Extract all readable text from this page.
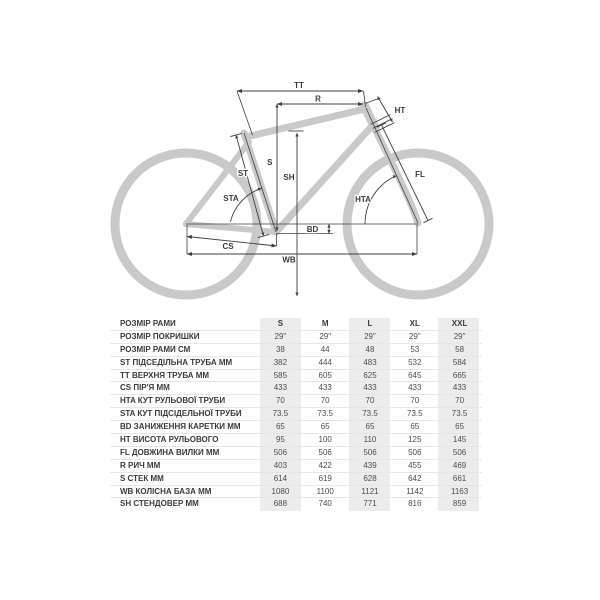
TT
R
HT
ST
S
SH
STA	HTA
FL
BD
CS
WB
РОЗМІР РАМИ	S	M	L	XL	XXL
РОЗМІР ПОКРИШКИ	29"	29"	29"	29"	29"
РОЗМІР РАМИ СМ	38	44	48	53	58
ST ПІДСЕДІЛЬНА ТРУБА ММ	382	444	483	532	584
TT ВЕРХНЯ ТРУБА ММ	585	605	625	645	665
CS ПІР'Я ММ	433	433	433	433	433
HTA КУТ РУЛЬОВОЇ ТРУБИ	70	70	70	70	70
STA КУТ ПІДСІДЕЛЬНОЇ ТРУБИ	73.5	73.5	73.5	73.5	73.5
BD ЗАНИЖЕННЯ КАРЕТКИ ММ	65	65	65	65	65
HT ВИСОТА РУЛЬОВОГО	95	100	110	125	145
FL ДОВЖИНА ВИЛКИ ММ	506	506	506	506	506
R РИЧ ММ	403	422	439	455	469
S СТЕК ММ	614	619	628	642	661
WB КОЛІСНА БАЗА ММ	1080	1100	1121	1142	1163
SH СТЕНДОВЕР ММ	688	740	771	816	859
